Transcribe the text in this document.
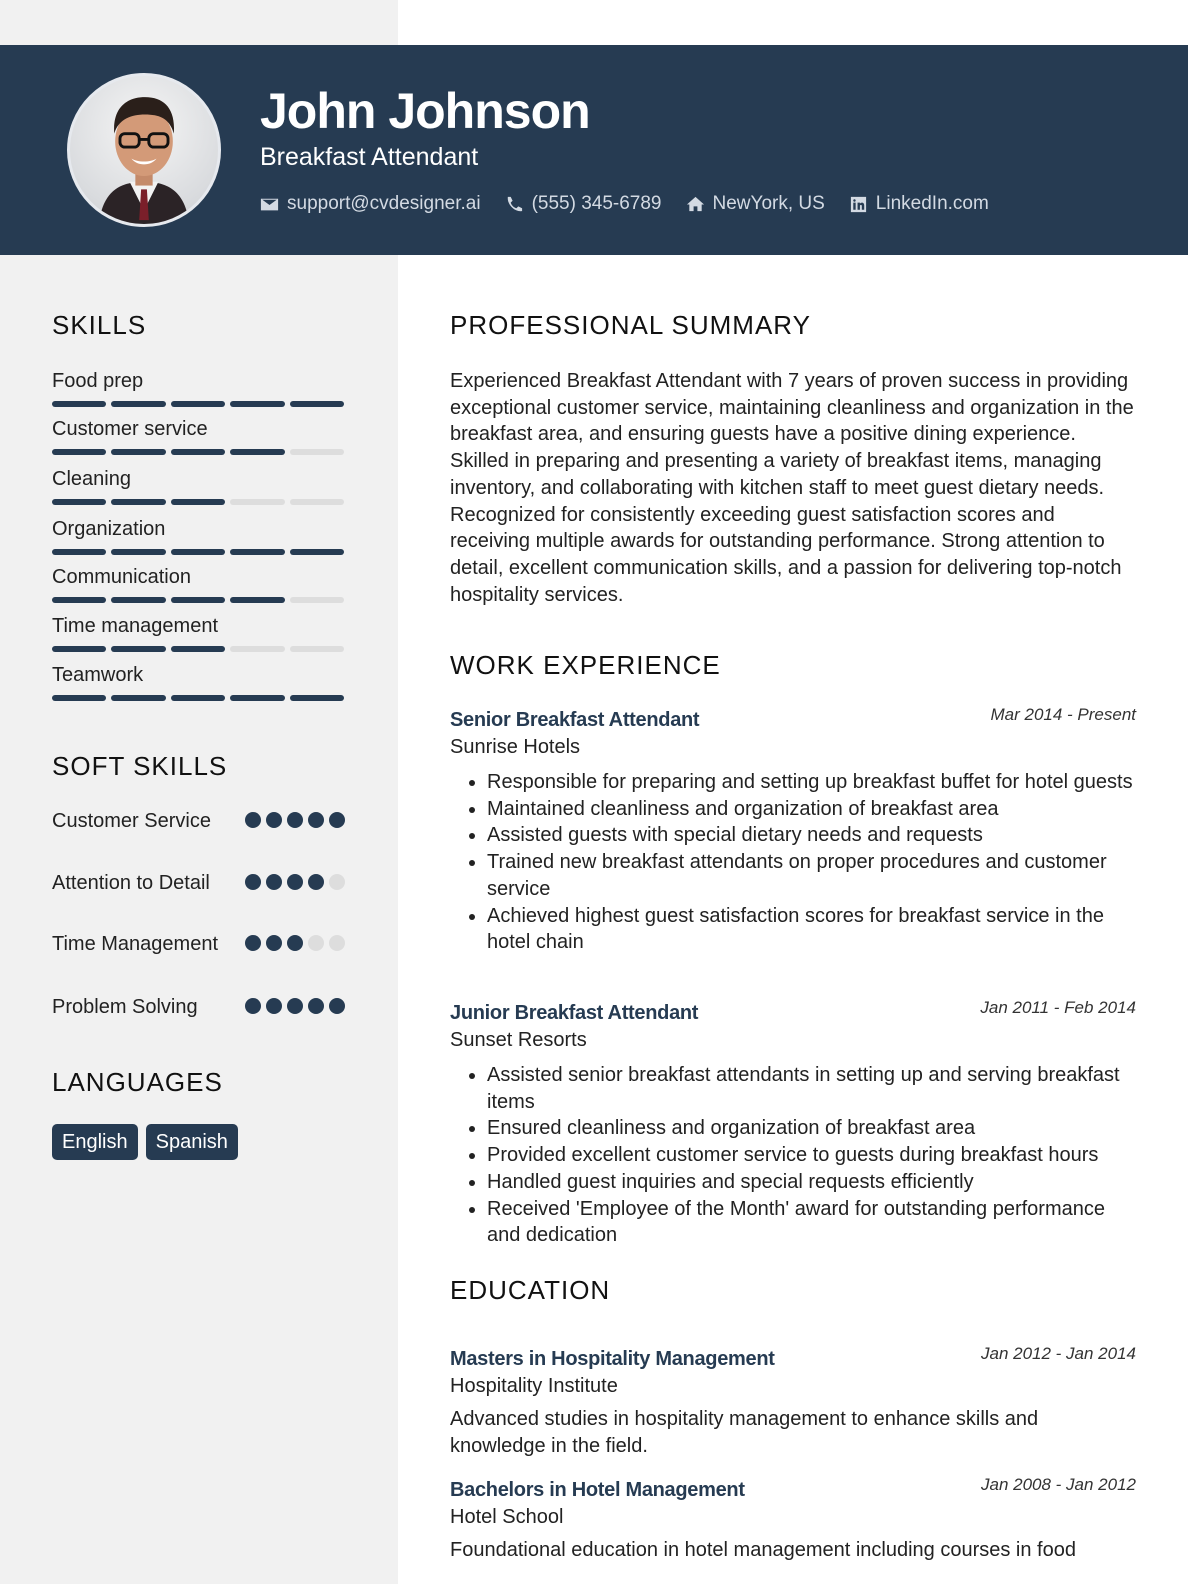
John Johnson
Breakfast Attendant
support@cvdesigner.ai	(555) 345-6789	NewYork, US	LinkedIn.com
SKILLS
Food prep
Customer service
Cleaning
Organization
Communication
Time management
Teamwork
SOFT SKILLS
Customer Service
Attention to Detail
Time Management
Problem Solving
LANGUAGES
English	Spanish
PROFESSIONAL SUMMARY

Experienced Breakfast Attendant with 7 years of proven success in providing exceptional customer service, maintaining cleanliness and organization in the breakfast area, and ensuring guests have a positive dining experience. Skilled in preparing and presenting a variety of breakfast items, managing inventory, and collaborating with kitchen staff to meet guest dietary needs. Recognized for consistently exceeding guest satisfaction scores and receiving multiple awards for outstanding performance. Strong attention to detail, excellent communication skills, and a passion for delivering top-notch hospitality services.

WORK EXPERIENCE
Senior Breakfast Attendant	Mar 2014 - Present
Sunrise Hotels
• Responsible for preparing and setting up breakfast buffet for hotel guests
• Maintained cleanliness and organization of breakfast area
• Assisted guests with special dietary needs and requests
• Trained new breakfast attendants on proper procedures and customer service
• Achieved highest guest satisfaction scores for breakfast service in the hotel chain
Junior Breakfast Attendant	Jan 2011 - Feb 2014
Sunset Resorts
• Assisted senior breakfast attendants in setting up and serving breakfast items
• Ensured cleanliness and organization of breakfast area
• Provided excellent customer service to guests during breakfast hours
• Handled guest inquiries and special requests efficiently
• Received 'Employee of the Month' award for outstanding performance and dedication
EDUCATION
Masters in Hospitality Management	Jan 2012 - Jan 2014
Hospitality Institute

Advanced studies in hospitality management to enhance skills and knowledge in the field.

Bachelors in Hotel Management	Jan 2008 - Jan 2012
Hotel School

Foundational education in hotel management including courses in food
